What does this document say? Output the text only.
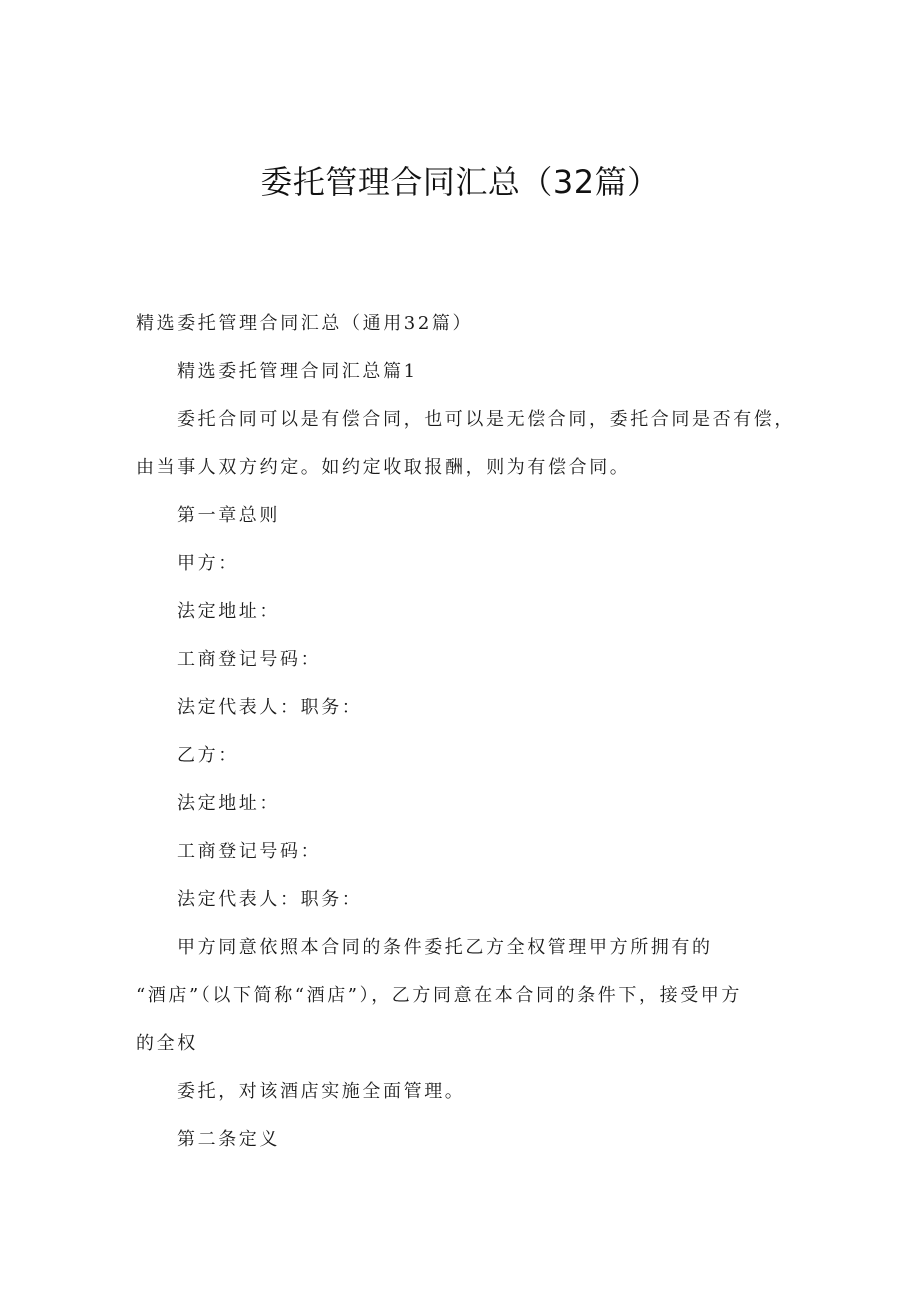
委托管理合同汇总（32篇）

精选委托管理合同汇总（通用32篇）

精选委托管理合同汇总篇1

委托合同可以是有偿合同，也可以是无偿合同，委托合同是否有偿，

由当事人双方约定。如约定收取报酬，则为有偿合同。

第一章总则

甲方：

法定地址：

工商登记号码：

法定代表人：职务：

乙方：

法定地址：

工商登记号码：

法定代表人：职务：

甲方同意依照本合同的条件委托乙方全权管理甲方所拥有的

“酒店”（以下简称“酒店”），乙方同意在本合同的条件下，接受甲方

的全权

委托，对该酒店实施全面管理。

第二条定义
